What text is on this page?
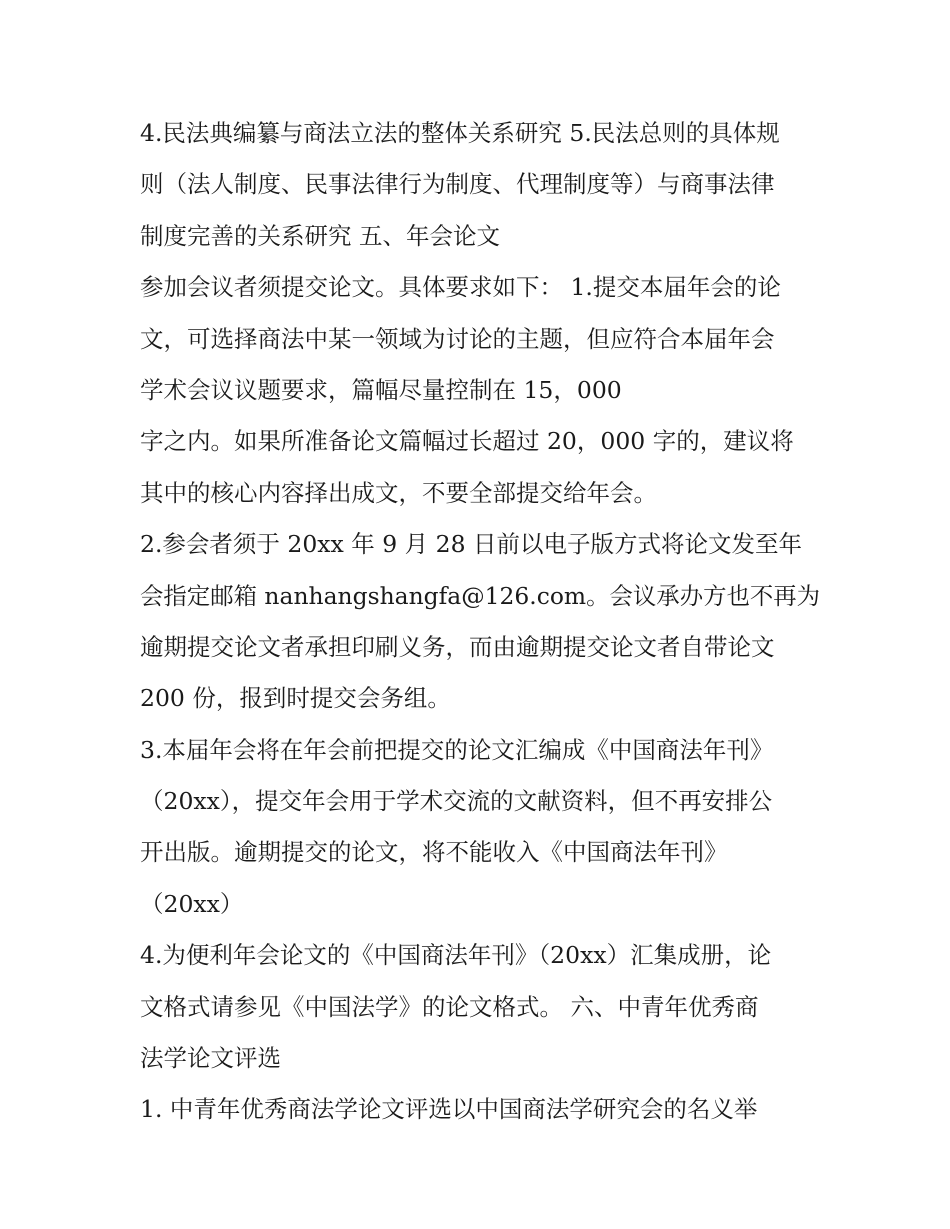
4.民法典编纂与商法立法的整体关系研究 5.民法总则的具体规
则（法人制度、民事法律行为制度、代理制度等）与商事法律
制度完善的关系研究 五、年会论文
参加会议者须提交论文。具体要求如下： 1.提交本届年会的论
文，可选择商法中某一领域为讨论的主题，但应符合本届年会
学术会议议题要求，篇幅尽量控制在 15，000
字之内。如果所准备论文篇幅过长超过 20，000 字的，建议将
其中的核心内容择出成文，不要全部提交给年会。
2.参会者须于 20xx 年 9 月 28 日前以电子版方式将论文发至年
会指定邮箱 nanhangshangfa@126.com。会议承办方也不再为
逾期提交论文者承担印刷义务，而由逾期提交论文者自带论文
200 份，报到时提交会务组。
3.本届年会将在年会前把提交的论文汇编成《中国商法年刊》
（20xx），提交年会用于学术交流的文献资料，但不再安排公
开出版。逾期提交的论文，将不能收入《中国商法年刊》
（20xx）
4.为便利年会论文的《中国商法年刊》（20xx）汇集成册，论
文格式请参见《中国法学》的论文格式。 六、中青年优秀商
法学论文评选
1. 中青年优秀商法学论文评选以中国商法学研究会的名义举
